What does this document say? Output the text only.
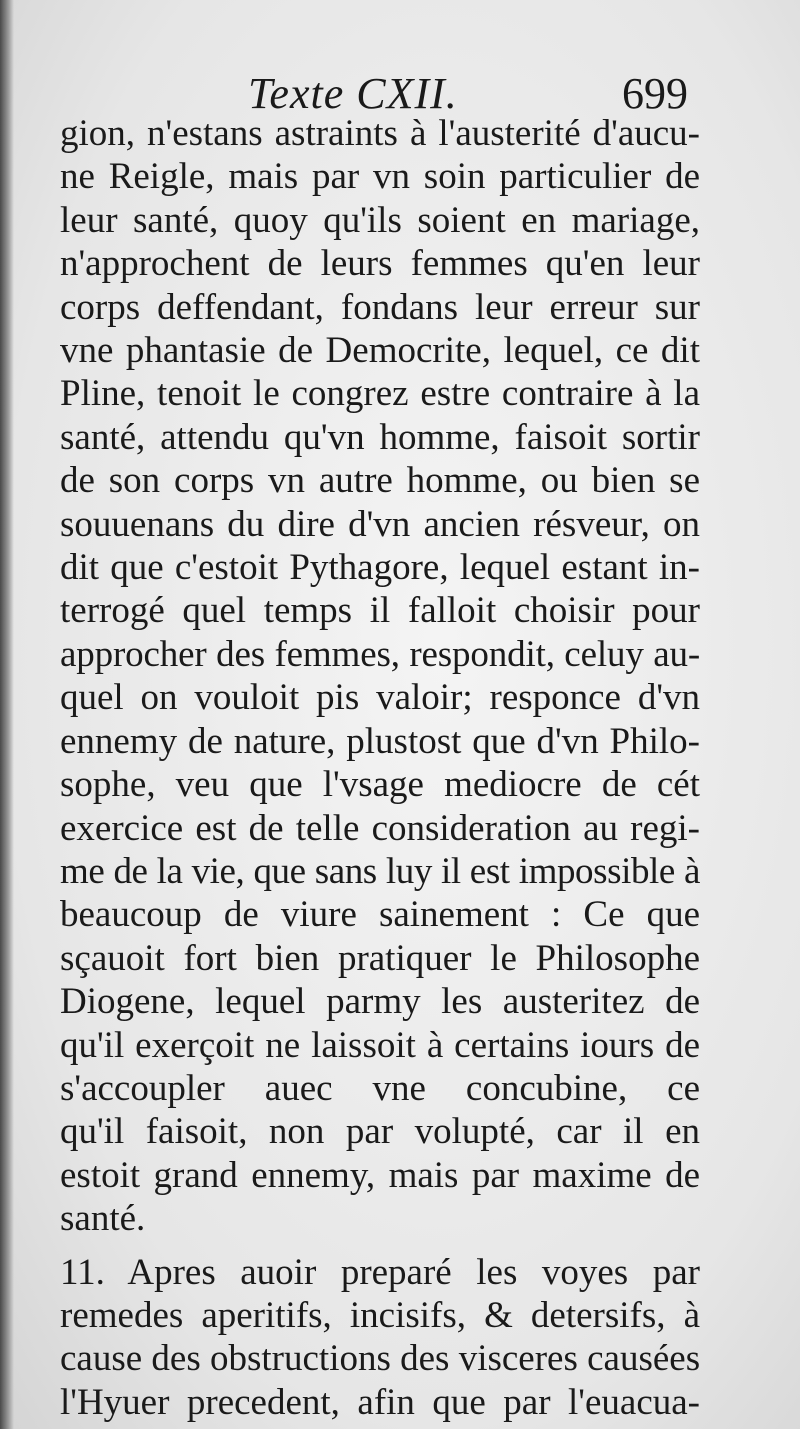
Texte CXII.	699
gion, n'estans astraints à l'austerité d'aucu-
ne Reigle, mais par vn soin particulier de
leur santé, quoy qu'ils soient en mariage,
n'approchent de leurs femmes qu'en leur
corps deffendant, fondans leur erreur sur
vne phantasie de Democrite, lequel, ce dit
Pline, tenoit le congrez estre contraire à la
santé, attendu qu'vn homme, faisoit sortir
de son corps vn autre homme, ou bien se
souuenans du dire d'vn ancien résveur, on
dit que c'estoit Pythagore, lequel estant in-
terrogé quel temps il falloit choisir pour
approcher des femmes, respondit, celuy au-
quel on vouloit pis valoir; responce d'vn
ennemy de nature, plustost que d'vn Philo-
sophe, veu que l'vsage mediocre de cét
exercice est de telle consideration au regi-
me de la vie, que sans luy il est impossible à
beaucoup de viure sainement : Ce que
sçauoit fort bien pratiquer le Philosophe
Diogene, lequel parmy les austeritez de
qu'il exerçoit ne laissoit à certains iours de
s'accoupler auec vne concubine, ce
qu'il faisoit, non par volupté, car il en
estoit grand ennemy, mais par maxime de
santé.
11. Apres auoir preparé les voyes par
remedes aperitifs, incisifs, & detersifs, à
cause des obstructions des visceres causées
l'Hyuer precedent, afin que par l'euacua-
